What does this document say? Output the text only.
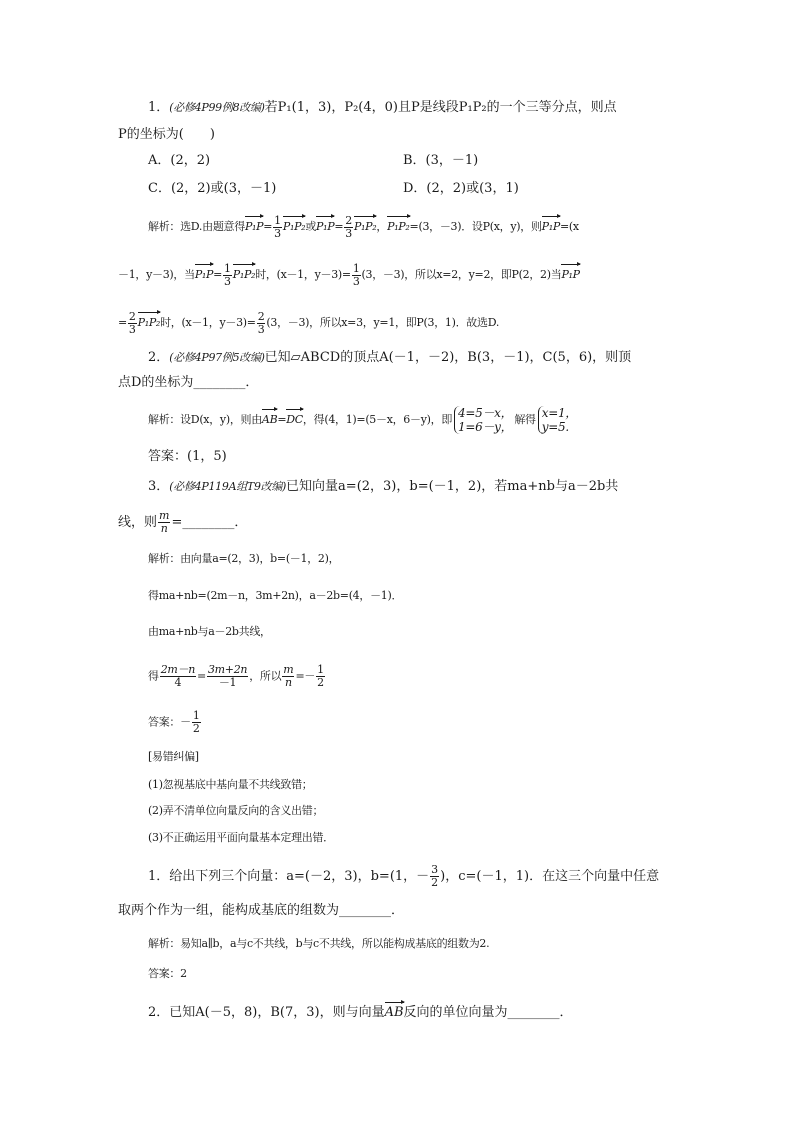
1．(必修4P99例8改编)若P₁(1，3)，P₂(4，0)且P是线段P₁P₂的一个三等分点，则点
P的坐标为(　　)
A．(2，2)	B．(3，－1)
C．(2，2)或(3，－1)	D．(2，2)或(3，1)
解析：选D.由题意得$P_1P= \frac{1}{3} P_1P_2$或$P_1P= \frac{2}{3} P_1P_2$，P₁P₂=(3，－3)．设P(x，y)，则P₁P=(x
－1，y－3)，当$P_1P= \frac{1}{3} P_1P_2$时，(x－1，$y-3)= \frac{1}{3} (3$，－3)，所以x=2，y=2，即P(2，2)当P₁P
= $\frac{2}{3} P_1P_2$时，(x－1，$y-3)= \frac{2}{3} (3$，－3)，所以x=3，y=1，即P(3，1)．故选D.
2．(必修4P97例5改编)已知▱ABCD的顶点A(－1，－2)，B(3，－1)，C(5，6)，则顶
点D的坐标为________．
解析：设D(x，y)，则由AB=DC，得(4，1)=(5－x，6－y)，即 4=5－x，
1=6－y，
解得 x=1，
y=5.
答案：(1，5)
3．(必修4P119A组T9改编)已知向量a=(2，3)，b=(－1，2)，若ma+nb与a－2b共
线，则 $\frac{m}{n}$ =________．
解析：由向量a=(2，3)，b=(－1，2)，
得ma+nb=(2m－n，3m+2n)，a－2b=(4，－1)．
由ma+nb与a－2b共线，
得 $\frac{2m-n}{4} = \frac{3m+2n}{-1}$ ，所以 $\frac{m}{n} =- \frac{1}{2}$
答案：－ $\frac{1}{2}$
[易错纠偏]
(1)忽视基底中基向量不共线致错；
(2)弄不清单位向量反向的含义出错；
(3)不正确运用平面向量基本定理出错．
1．给出下列三个向量：a=(－2，3)，b=(1，－ $\frac{3}{2}$ )，c=(－1，1)．在这三个向量中任意
取两个作为一组，能构成基底的组数为________．
解析：易知a∥b，a与c不共线，b与c不共线，所以能构成基底的组数为2.
答案：2
2．已知A(－5，8)，B(7，3)，则与向量AB反向的单位向量为________．
